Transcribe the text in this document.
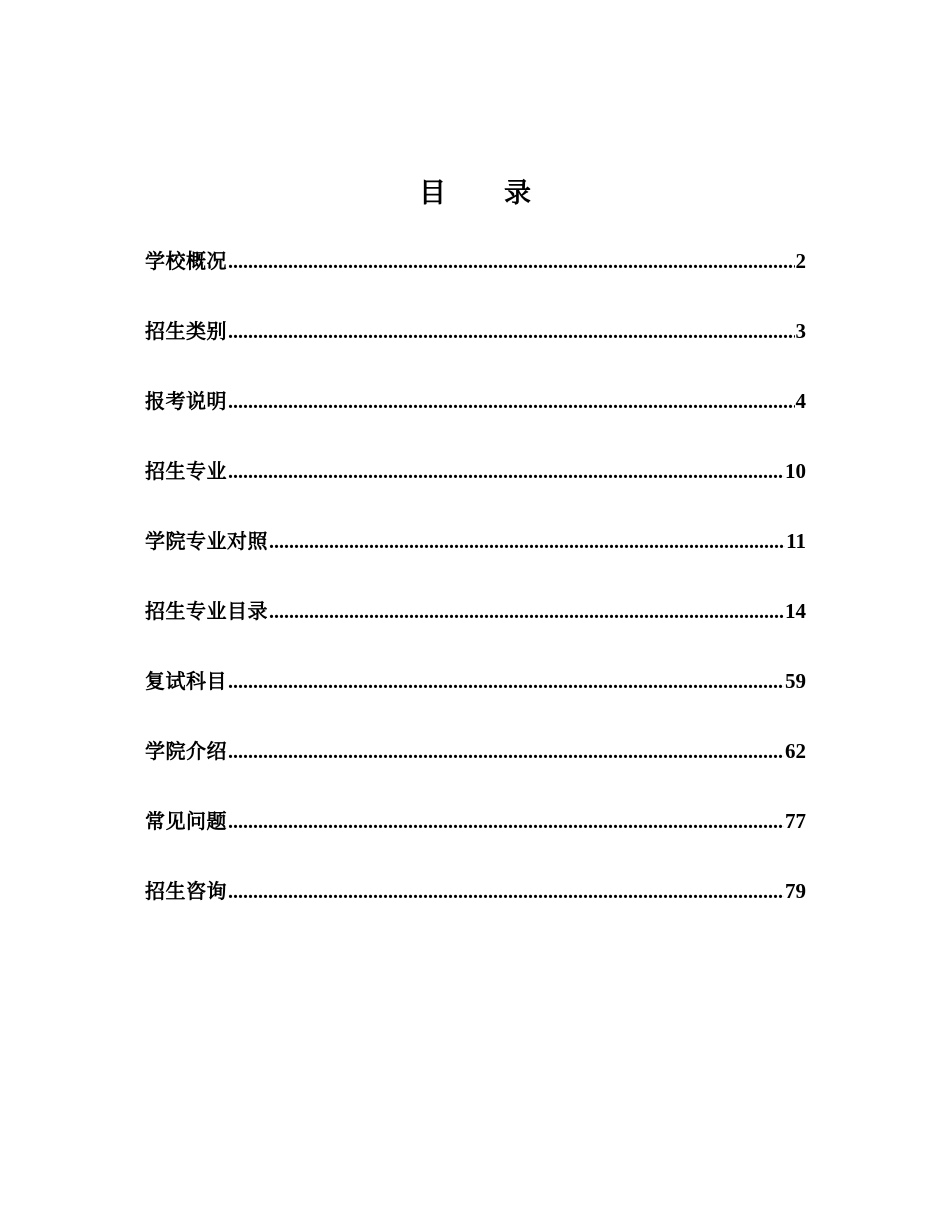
目 录
学校概况 .....	2
招生类别 .....	3
报考说明 .....	4
招生专业 .....	10
学院专业对照 .....	11
招生专业目录 .....	14
复试科目 .....	59
学院介绍 .....	62
常见问题 .....	77
招生咨询 .....	79
